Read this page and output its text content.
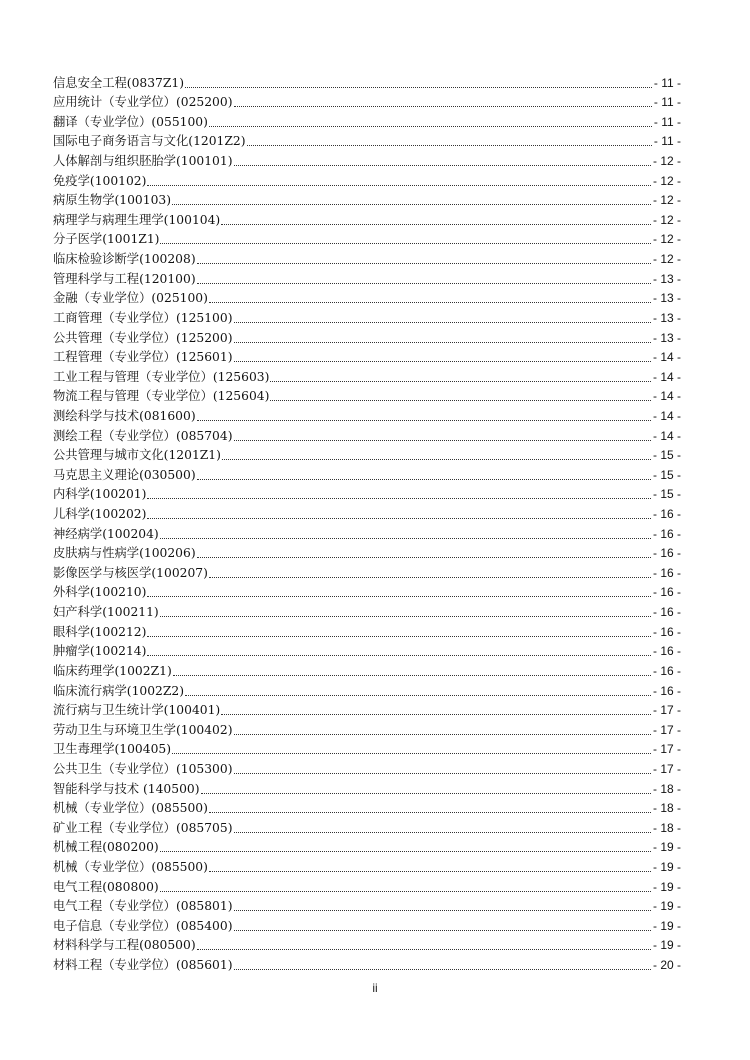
信息安全工程(0837Z1)	- 11 -
应用统计（专业学位）(025200)	- 11 -
翻译（专业学位）(055100)	- 11 -
国际电子商务语言与文化(1201Z2)	- 11 -
人体解剖与组织胚胎学(100101)	- 12 -
免疫学(100102)	- 12 -
病原生物学(100103)	- 12 -
病理学与病理生理学(100104)	- 12 -
分子医学(1001Z1)	- 12 -
临床检验诊断学(100208)	- 12 -
管理科学与工程(120100)	- 13 -
金融（专业学位）(025100)	- 13 -
工商管理（专业学位）(125100)	- 13 -
公共管理（专业学位）(125200)	- 13 -
工程管理（专业学位）(125601)	- 14 -
工业工程与管理（专业学位）(125603)	- 14 -
物流工程与管理（专业学位）(125604)	- 14 -
测绘科学与技术(081600)	- 14 -
测绘工程（专业学位）(085704)	- 14 -
公共管理与城市文化(1201Z1)	- 15 -
马克思主义理论(030500)	- 15 -
内科学(100201)	- 15 -
儿科学(100202)	- 16 -
神经病学(100204)	- 16 -
皮肤病与性病学(100206)	- 16 -
影像医学与核医学(100207)	- 16 -
外科学(100210)	- 16 -
妇产科学(100211)	- 16 -
眼科学(100212)	- 16 -
肿瘤学(100214)	- 16 -
临床药理学(1002Z1)	- 16 -
临床流行病学(1002Z2)	- 16 -
流行病与卫生统计学(100401)	- 17 -
劳动卫生与环境卫生学(100402)	- 17 -
卫生毒理学(100405)	- 17 -
公共卫生（专业学位）(105300)	- 17 -
智能科学与技术 (140500)	- 18 -
机械（专业学位）(085500)	- 18 -
矿业工程（专业学位）(085705)	- 18 -
机械工程(080200)	- 19 -
机械（专业学位）(085500)	- 19 -
电气工程(080800)	- 19 -
电气工程（专业学位）(085801)	- 19 -
电子信息（专业学位）(085400)	- 19 -
材料科学与工程(080500)	- 19 -
材料工程（专业学位）(085601)	- 20 -
ii
